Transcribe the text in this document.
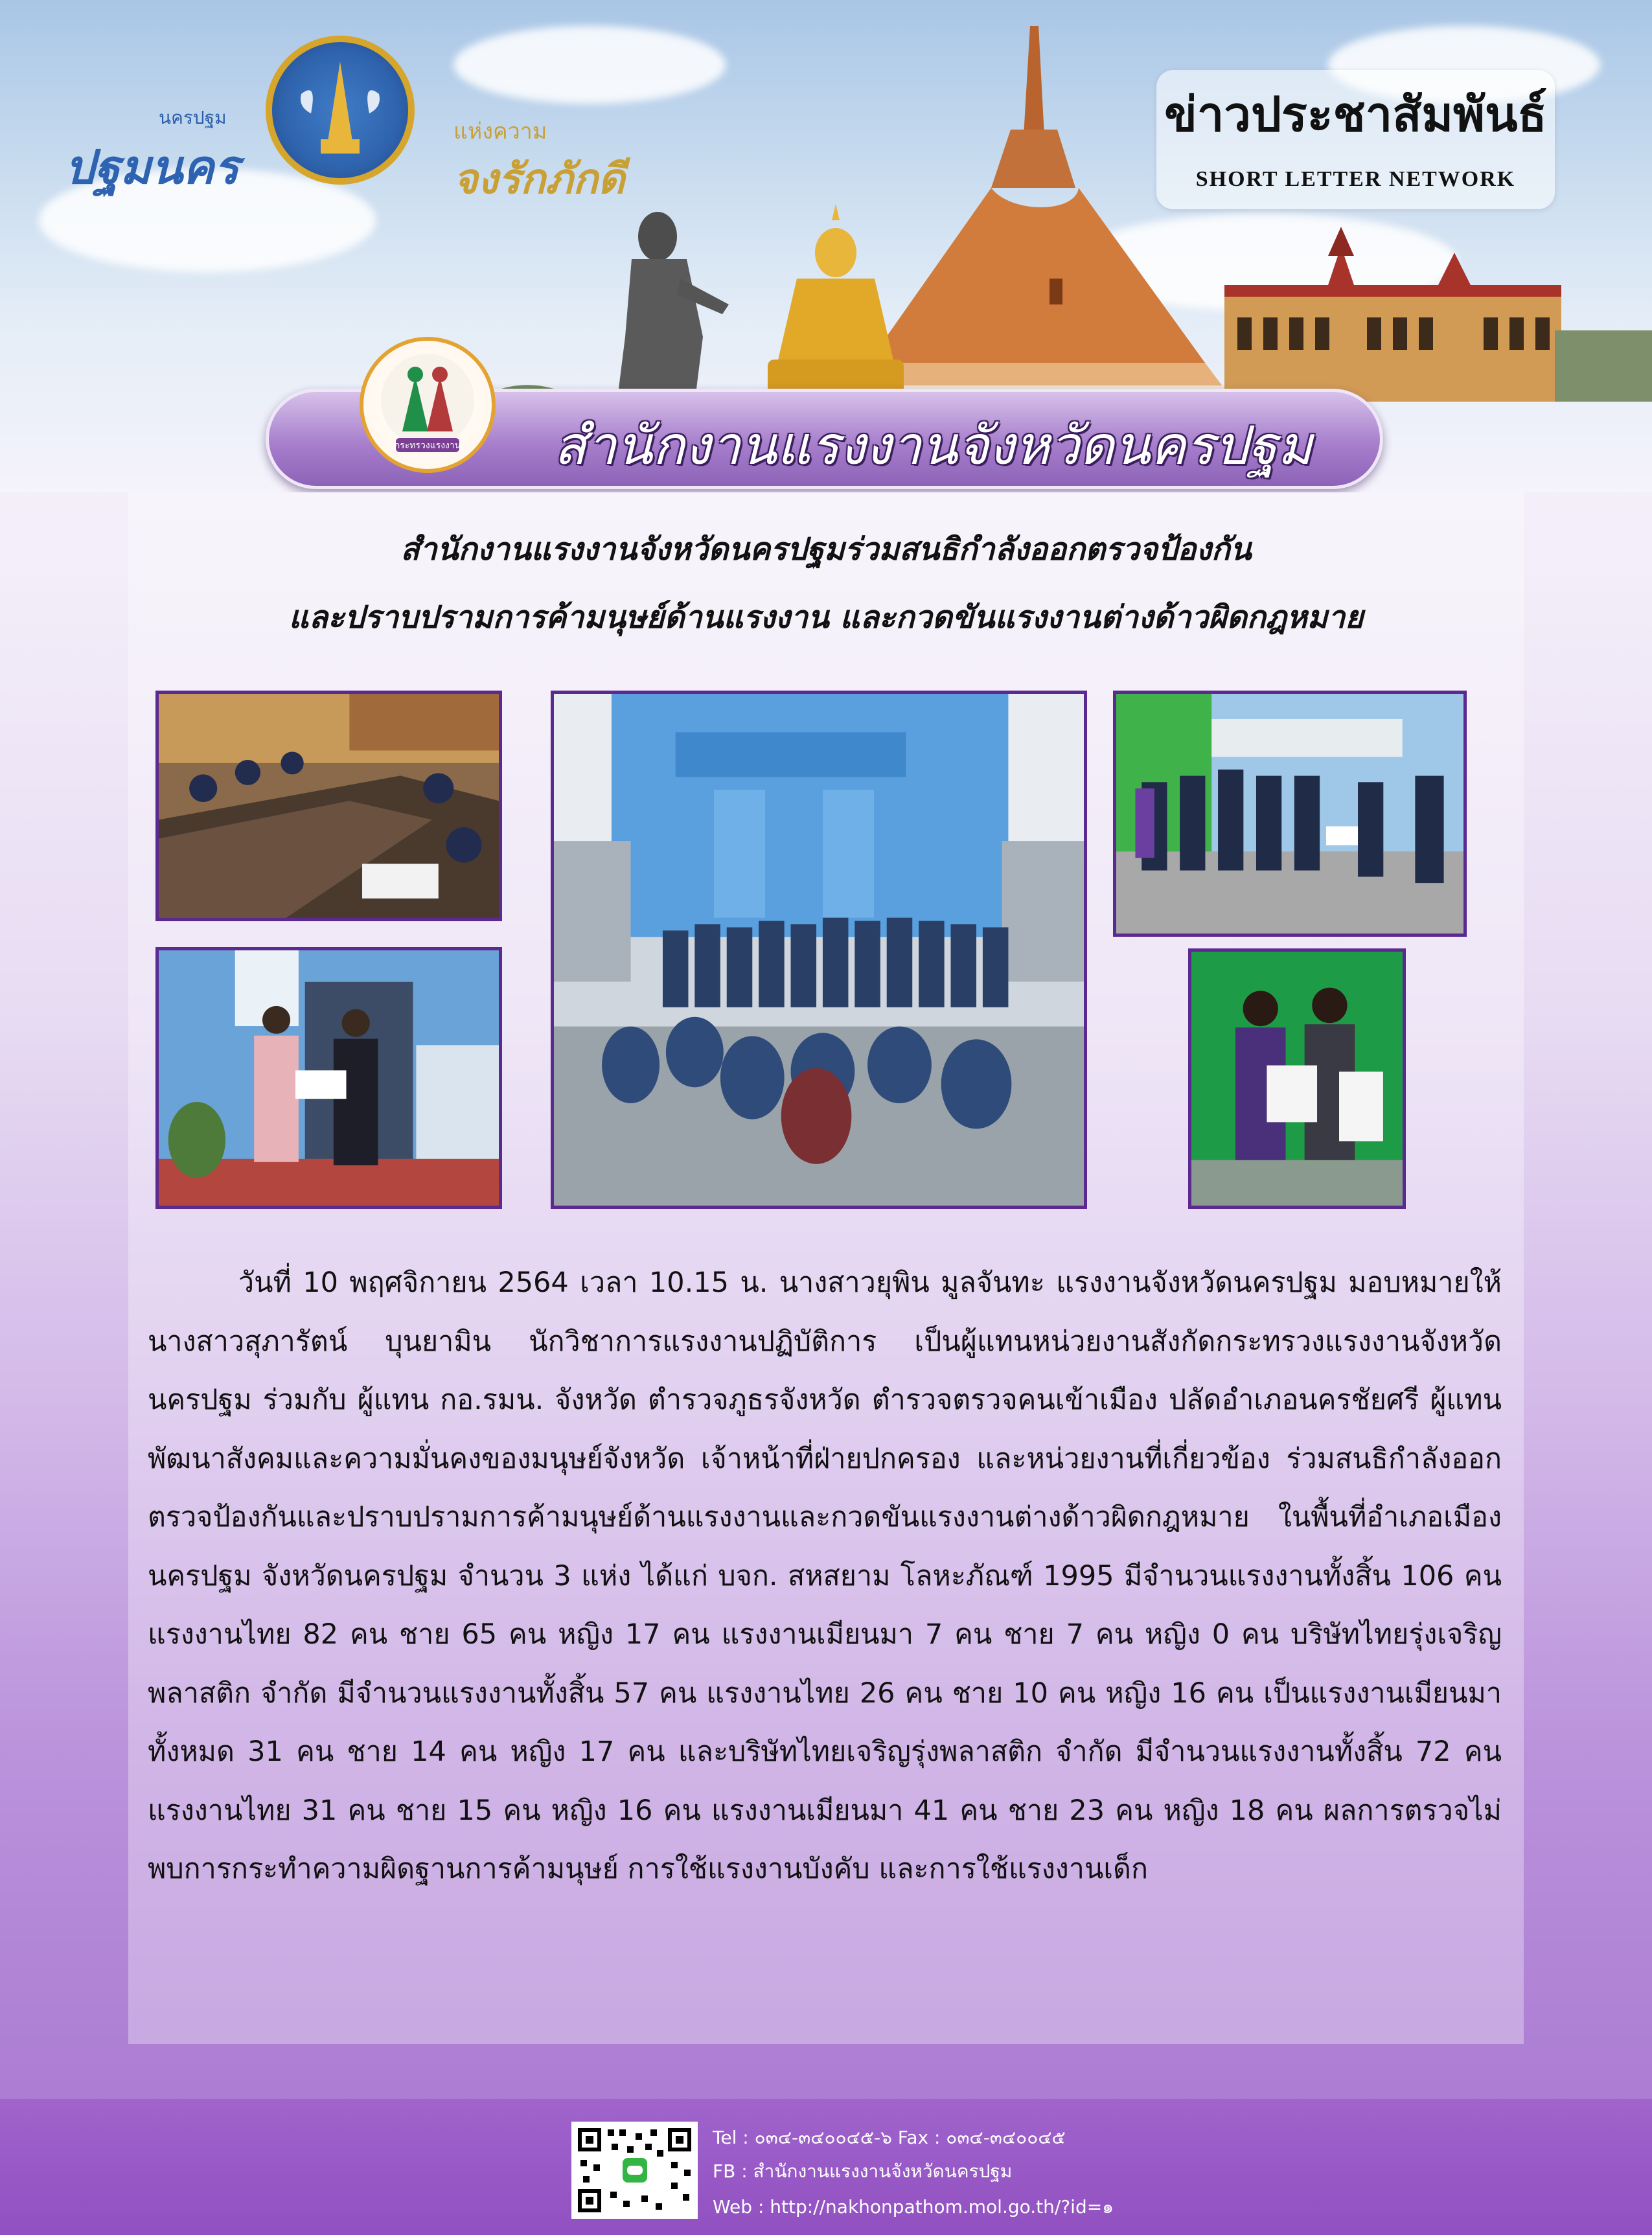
นครปฐม
ปฐมนคร
แห่งความ
จงรักภักดี
ข่าวประชาสัมพันธ์
SHORT LETTER NETWORK
สำนักงานแรงงานจังหวัดนครปฐม
กระทรวงแรงงาน
สำนักงานแรงงานจังหวัดนครปฐมร่วมสนธิกำลังออกตรวจป้องกัน
และปราบปรามการค้ามนุษย์ด้านแรงงาน และกวดขันแรงงานต่างด้าวผิดกฎหมาย
วันที่ 10 พฤศจิกายน 2564 เวลา 10.15 น. นางสาวยุพิน มูลจันทะ แรงงานจังหวัดนครปฐม มอบหมายให้นางสาวสุภารัตน์ บุนยามิน นักวิชาการแรงงานปฏิบัติการ เป็นผู้แทนหน่วยงานสังกัดกระทรวงแรงงานจังหวัดนครปฐม ร่วมกับ ผู้แทน กอ.รมน. จังหวัด ตำรวจภูธรจังหวัด ตำรวจตรวจคนเข้าเมือง ปลัดอำเภอนครชัยศรี ผู้แทนพัฒนาสังคมและความมั่นคงของมนุษย์จังหวัด เจ้าหน้าที่ฝ่ายปกครอง และหน่วยงานที่เกี่ยวข้อง ร่วมสนธิกำลังออกตรวจป้องกันและปราบปรามการค้ามนุษย์ด้านแรงงานและกวดขันแรงงานต่างด้าวผิดกฎหมาย ในพื้นที่อำเภอเมืองนครปฐม จังหวัดนครปฐม จำนวน 3 แห่ง ได้แก่ บจก. สหสยาม โลหะภัณฑ์ 1995 มีจำนวนแรงงานทั้งสิ้น 106 คน แรงงานไทย 82 คน ชาย 65 คน หญิง 17 คน แรงงานเมียนมา 7 คน ชาย 7 คน หญิง 0 คน บริษัทไทยรุ่งเจริญพลาสติก จำกัด มีจำนวนแรงงานทั้งสิ้น 57 คน แรงงานไทย 26 คน ชาย 10 คน หญิง 16 คน เป็นแรงงานเมียนมาทั้งหมด 31 คน ชาย 14 คน หญิง 17 คน และบริษัทไทยเจริญรุ่งพลาสติก จำกัด มีจำนวนแรงงานทั้งสิ้น 72 คน แรงงานไทย 31 คน ชาย 15 คน หญิง 16 คน แรงงานเมียนมา 41 คน ชาย 23 คน หญิง 18 คน ผลการตรวจไม่พบการกระทำความผิดฐานการค้ามนุษย์ การใช้แรงงานบังคับ และการใช้แรงงานเด็ก
Tel : ๐๓๔-๓๔๐๐๔๕-๖ Fax : ๐๓๔-๓๔๐๐๔๕
FB : สำนักงานแรงงานจังหวัดนครปฐม
Web : http://nakhonpathom.mol.go.th/?id=๑
